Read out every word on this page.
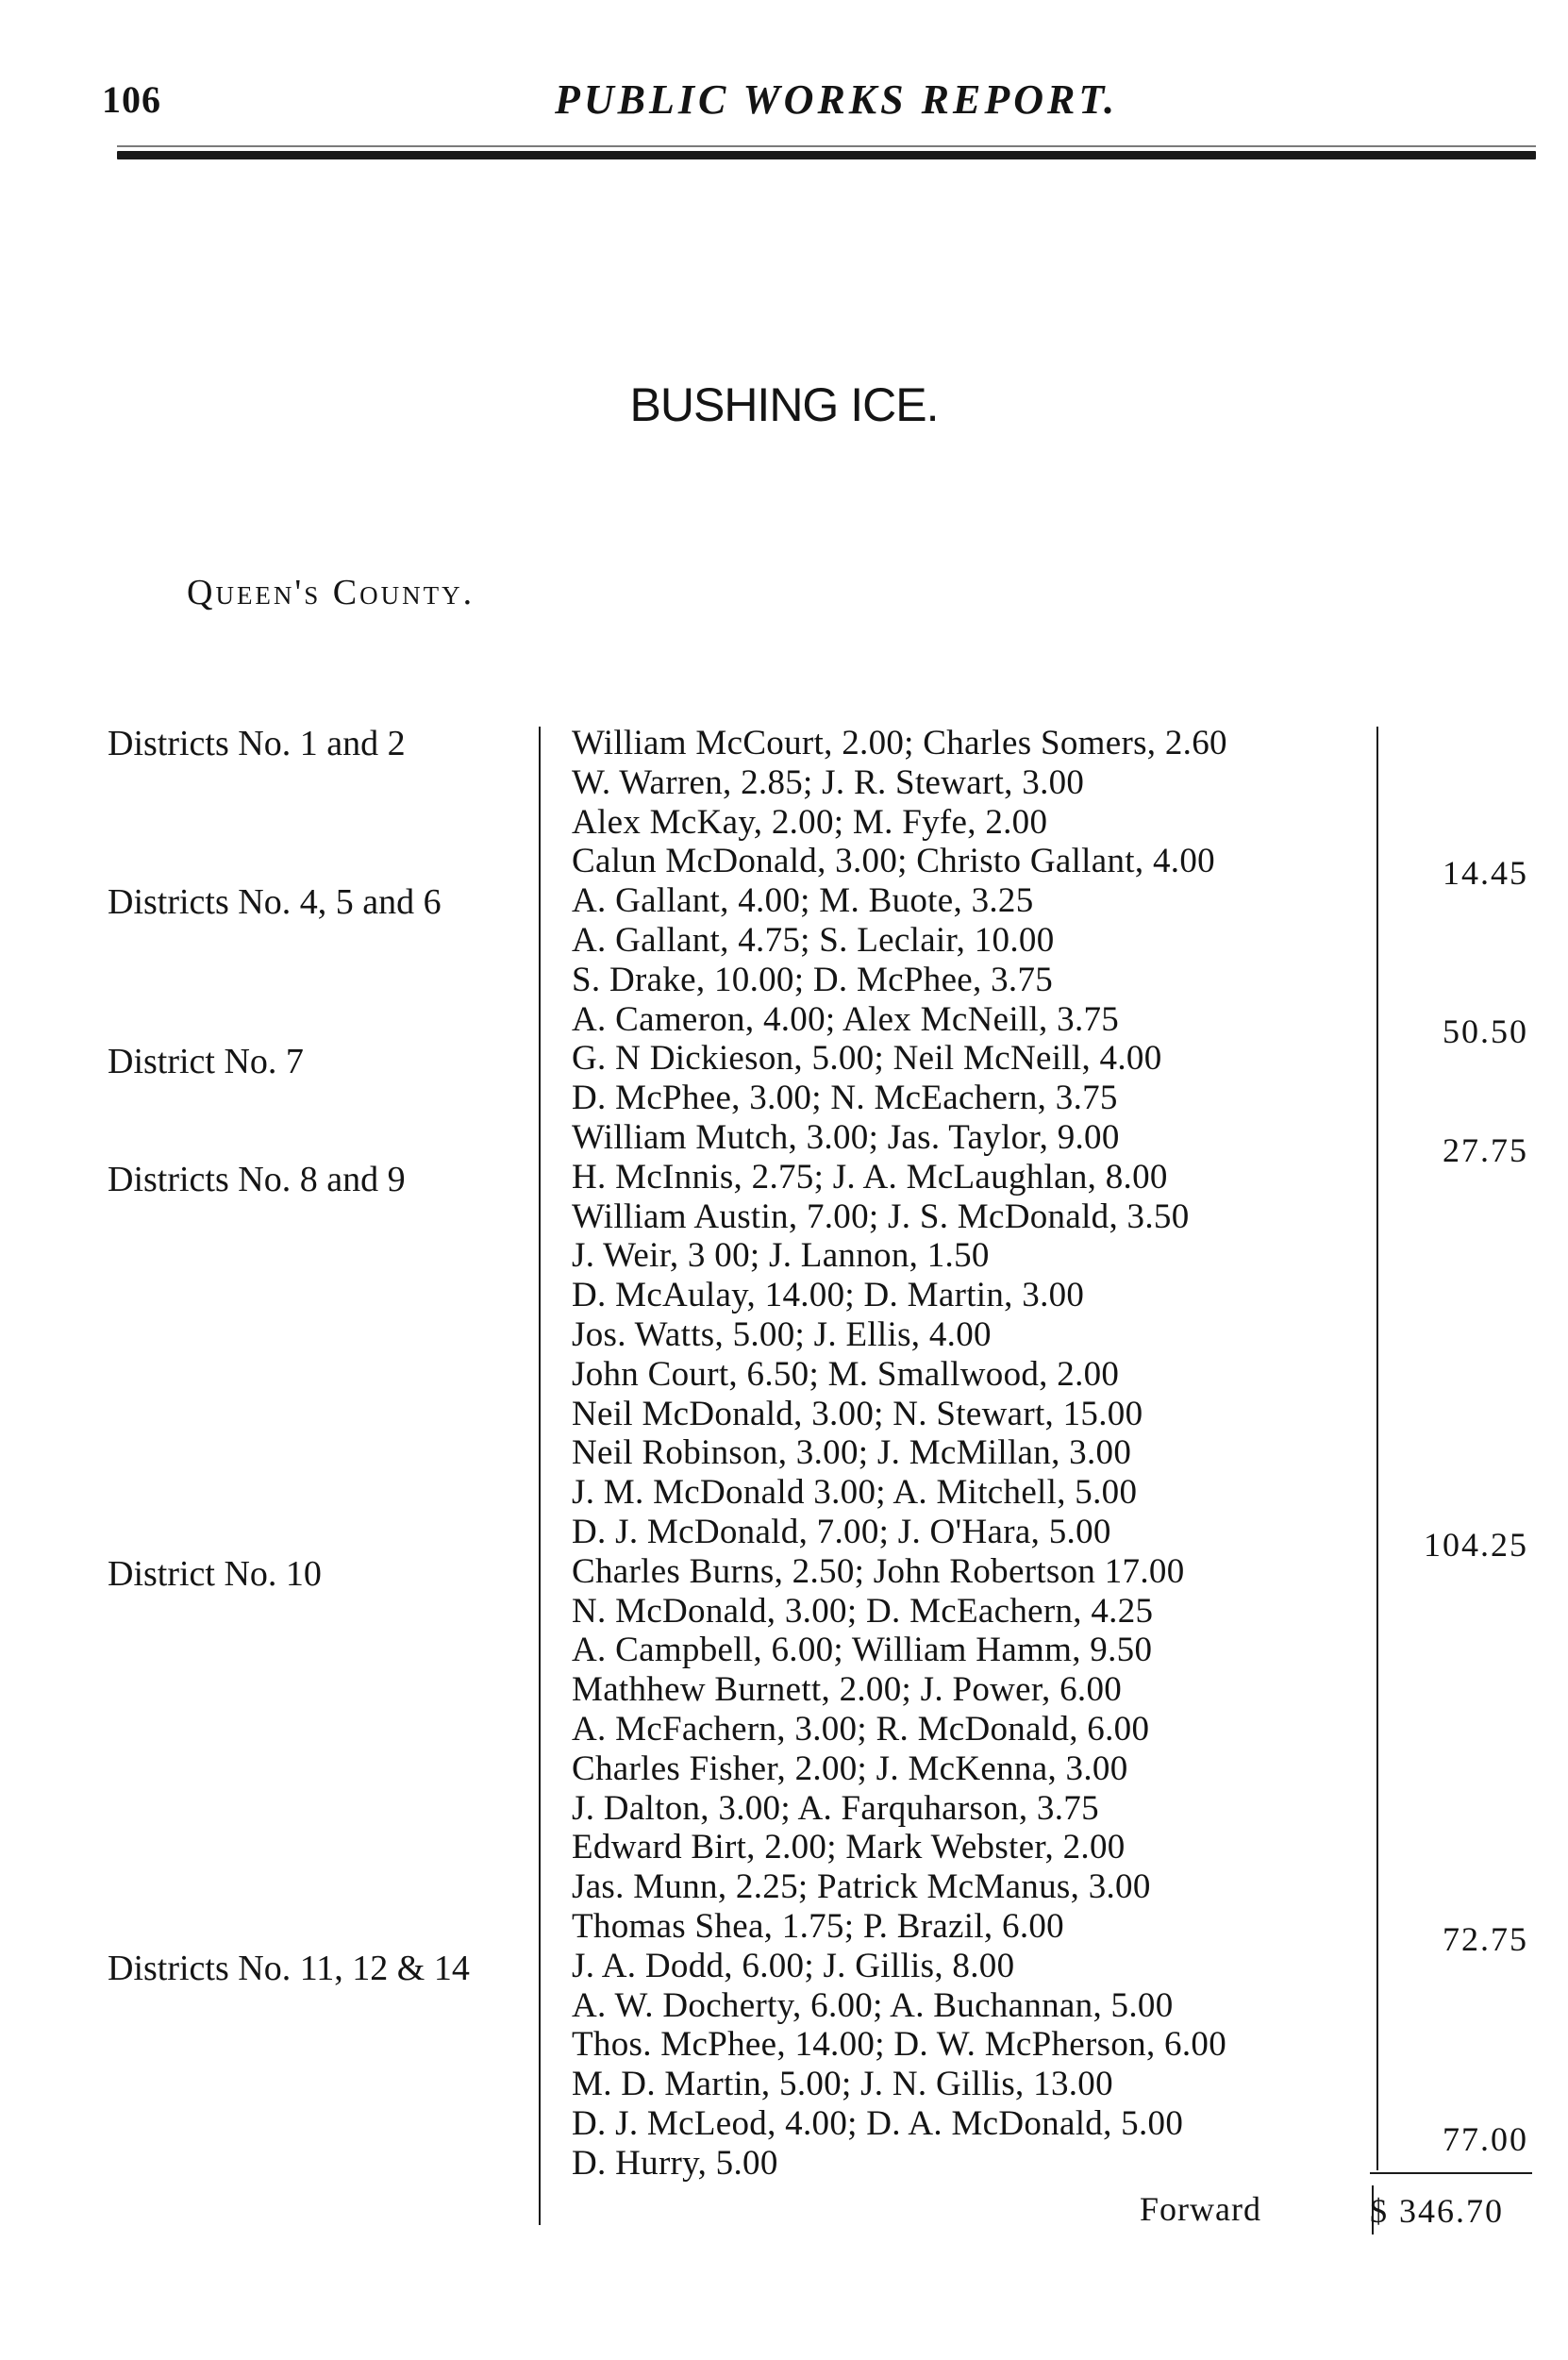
106	PUBLIC WORKS REPORT.
BUSHING ICE.
Queen's County.
Districts No. 1 and 2
Districts No. 4, 5 and 6
District No. 7
Districts No. 8 and 9
District No. 10
Districts No. 11, 12 & 14
William McCourt, 2.00; Charles Somers, 2.60
W. Warren, 2.85; J. R. Stewart, 3.00
Alex McKay, 2.00; M. Fyfe, 2.00
Calun McDonald, 3.00; Christo Gallant, 4.00
A. Gallant, 4.00; M. Buote, 3.25
A. Gallant, 4.75; S. Leclair, 10.00
S. Drake, 10.00; D. McPhee, 3.75
A. Cameron, 4.00; Alex McNeill, 3.75
G. N Dickieson, 5.00; Neil McNeill, 4.00
D. McPhee, 3.00; N. McEachern, 3.75
William Mutch, 3.00; Jas. Taylor, 9.00
H. McInnis, 2.75; J. A. McLaughlan, 8.00
William Austin, 7.00; J. S. McDonald, 3.50
J. Weir, 3 00; J. Lannon, 1.50
D. McAulay, 14.00; D. Martin, 3.00
Jos. Watts, 5.00; J. Ellis, 4.00
John Court, 6.50; M. Smallwood, 2.00
Neil McDonald, 3.00; N. Stewart, 15.00
Neil Robinson, 3.00; J. McMillan, 3.00
J. M. McDonald 3.00; A. Mitchell, 5.00
D. J. McDonald, 7.00; J. O'Hara, 5.00
Charles Burns, 2.50; John Robertson 17.00
N. McDonald, 3.00; D. McEachern, 4.25
A. Campbell, 6.00; William Hamm, 9.50
Mathhew Burnett, 2.00; J. Power, 6.00
A. McFachern, 3.00; R. McDonald, 6.00
Charles Fisher, 2.00; J. McKenna, 3.00
J. Dalton, 3.00; A. Farquharson, 3.75
Edward Birt, 2.00; Mark Webster, 2.00
Jas. Munn, 2.25; Patrick McManus, 3.00
Thomas Shea, 1.75; P. Brazil, 6.00
J. A. Dodd, 6.00; J. Gillis, 8.00
A. W. Docherty, 6.00; A. Buchannan, 5.00
Thos. McPhee, 14.00; D. W. McPherson, 6.00
M. D. Martin, 5.00; J. N. Gillis, 13.00
D. J. McLeod, 4.00; D. A. McDonald, 5.00
D. Hurry, 5.00
14.45
50.50
27.75
104.25
72.75
77.00
Forward	$ 346.70
